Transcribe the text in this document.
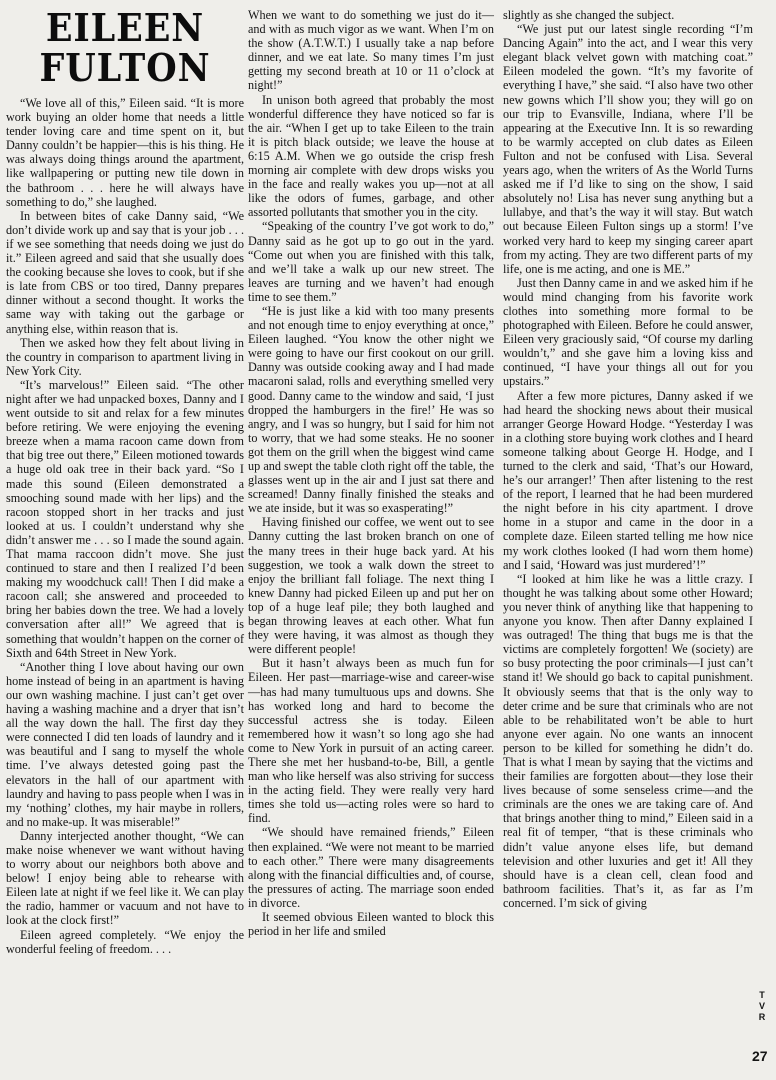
EILEEN
FULTON

“We love all of this,” Eileen said. “It is more work buying an older home that needs a little tender loving care and time spent on it, but Danny couldn’t be happier—this is his thing. He was always doing things around the apartment, like wallpapering or putting new tile down in the bathroom . . . here he will always have something to do,” she laughed.

In between bites of cake Danny said, “We don’t divide work up and say that is your job . . . if we see something that needs doing we just do it.” Eileen agreed and said that she usually does the cooking because she loves to cook, but if she is late from CBS or too tired, Danny prepares dinner without a second thought. It works the same way with taking out the garbage or anything else, within reason that is.

Then we asked how they felt about living in the country in comparison to apartment living in New York City.

“It’s marvelous!” Eileen said. “The other night after we had unpacked boxes, Danny and I went outside to sit and relax for a few minutes before retiring. We were enjoying the evening breeze when a mama racoon came down from that big tree out there,” Eileen motioned towards a huge old oak tree in their back yard. “So I made this sound (Eileen demonstrated a smooching sound made with her lips) and the racoon stopped short in her tracks and just looked at us. I couldn’t understand why she didn’t answer me . . . so I made the sound again. That mama raccoon didn’t move. She just continued to stare and then I realized I’d been making my woodchuck call! Then I did make a racoon call; she answered and proceeded to bring her babies down the tree. We had a lovely conversation after all!” We agreed that is something that wouldn’t happen on the corner of Sixth and 64th Street in New York.

“Another thing I love about having our own home instead of being in an apartment is having our own washing machine. I just can’t get over having a washing machine and a dryer that isn’t all the way down the hall. The first day they were connected I did ten loads of laundry and it was beautiful and I sang to myself the whole time. I’ve always detested going past the elevators in the hall of our apartment with laundry and having to pass people when I was in my ‘nothing’ clothes, my hair maybe in rollers, and no make-up. It was miserable!”

Danny interjected another thought, “We can make noise whenever we want without having to worry about our neighbors both above and below! I enjoy being able to rehearse with Eileen late at night if we feel like it. We can play the radio, hammer or vacuum and not have to look at the clock first!”

Eileen agreed completely. “We enjoy the wonderful feeling of freedom. . . .

When we want to do something we just do it—and with as much vigor as we want. When I’m on the show (A.T.W.T.) I usually take a nap before dinner, and we eat late. So many times I’m just getting my second breath at 10 or 11 o’clock at night!”

In unison both agreed that probably the most wonderful difference they have noticed so far is the air. “When I get up to take Eileen to the train it is pitch black outside; we leave the house at 6:15 A.M. When we go outside the crisp fresh morning air complete with dew drops wisks you in the face and really wakes you up—not at all like the odors of fumes, garbage, and other assorted pollutants that smother you in the city.

“Speaking of the country I’ve got work to do,” Danny said as he got up to go out in the yard. “Come out when you are finished with this talk, and we’ll take a walk up our new street. The leaves are turning and we haven’t had enough time to see them.”

“He is just like a kid with too many presents and not enough time to enjoy everything at once,” Eileen laughed. “You know the other night we were going to have our first cookout on our grill. Danny was outside cooking away and I had made macaroni salad, rolls and everything smelled very good. Danny came to the window and said, ‘I just dropped the hamburgers in the fire!’ He was so angry, and I was so hungry, but I said for him not to worry, that we had some steaks. He no sooner got them on the grill when the biggest wind came up and swept the table cloth right off the table, the glasses went up in the air and I just sat there and screamed! Danny finally finished the steaks and we ate inside, but it was so exasperating!”

Having finished our coffee, we went out to see Danny cutting the last broken branch on one of the many trees in their huge back yard. At his suggestion, we took a walk down the street to enjoy the brilliant fall foliage. The next thing I knew Danny had picked Eileen up and put her on top of a huge leaf pile; they both laughed and began throwing leaves at each other. What fun they were having, it was almost as though they were different people!

But it hasn’t always been as much fun for Eileen. Her past—marriage-wise and career-wise—has had many tumultuous ups and downs. She has worked long and hard to become the successful actress she is today. Eileen remembered how it wasn’t so long ago she had come to New York in pursuit of an acting career. There she met her husband-to-be, Bill, a gentle man who like herself was also striving for success in the acting field. They were really very hard times she told us—acting roles were so hard to find.

“We should have remained friends,” Eileen then explained. “We were not meant to be married to each other.” There were many disagreements along with the financial difficulties and, of course, the pressures of acting. The marriage soon ended in divorce.

It seemed obvious Eileen wanted to block this period in her life and smiled

slightly as she changed the subject.

“We just put our latest single recording “I’m Dancing Again” into the act, and I wear this very elegant black velvet gown with matching coat.” Eileen modeled the gown. “It’s my favorite of everything I have,” she said. “I also have two other new gowns which I’ll show you; they will go on our trip to Evansville, Indiana, where I’ll be appearing at the Executive Inn. It is so rewarding to be warmly accepted on club dates as Eileen Fulton and not be confused with Lisa. Several years ago, when the writers of As the World Turns asked me if I’d like to sing on the show, I said absolutely no! Lisa has never sung anything but a lullabye, and that’s the way it will stay. But watch out because Eileen Fulton sings up a storm! I’ve worked very hard to keep my singing career apart from my acting. They are two different parts of my life, one is me acting, and one is ME.”

Just then Danny came in and we asked him if he would mind changing from his favorite work clothes into something more formal to be photographed with Eileen. Before he could answer, Eileen very graciously said, “Of course my darling wouldn’t,” and she gave him a loving kiss and continued, “I have your things all out for you upstairs.”

After a few more pictures, Danny asked if we had heard the shocking news about their musical arranger George Howard Hodge. “Yesterday I was in a clothing store buying work clothes and I heard someone talking about George H. Hodge, and I turned to the clerk and said, ‘That’s our Howard, he’s our arranger!’ Then after listening to the rest of the report, I learned that he had been murdered the night before in his city apartment. I drove home in a stupor and came in the door in a complete daze. Eileen started telling me how nice my work clothes looked (I had worn them home) and I said, ‘Howard was just murdered’!”

“I looked at him like he was a little crazy. I thought he was talking about some other Howard; you never think of anything like that happening to anyone you know. Then after Danny explained I was outraged! The thing that bugs me is that the victims are completely forgotten! We (society) are so busy protecting the poor criminals—I just can’t stand it! We should go back to capital punishment. It obviously seems that that is the only way to deter crime and be sure that criminals who are not able to be rehabilitated won’t be able to hurt anyone ever again. No one wants an innocent person to be killed for something he didn’t do. That is what I mean by saying that the victims and their families are forgotten about—they lose their lives because of some senseless crime—and the criminals are the ones we are taking care of. And that brings another thing to mind,” Eileen said in a real fit of temper, “that is these criminals who didn’t value anyone elses life, but demand television and other luxuries and get it! All they should have is a clean cell, clean food and bathroom facilities. That’s it, as far as I’m concerned. I’m sick of giving

T
V
R
27
